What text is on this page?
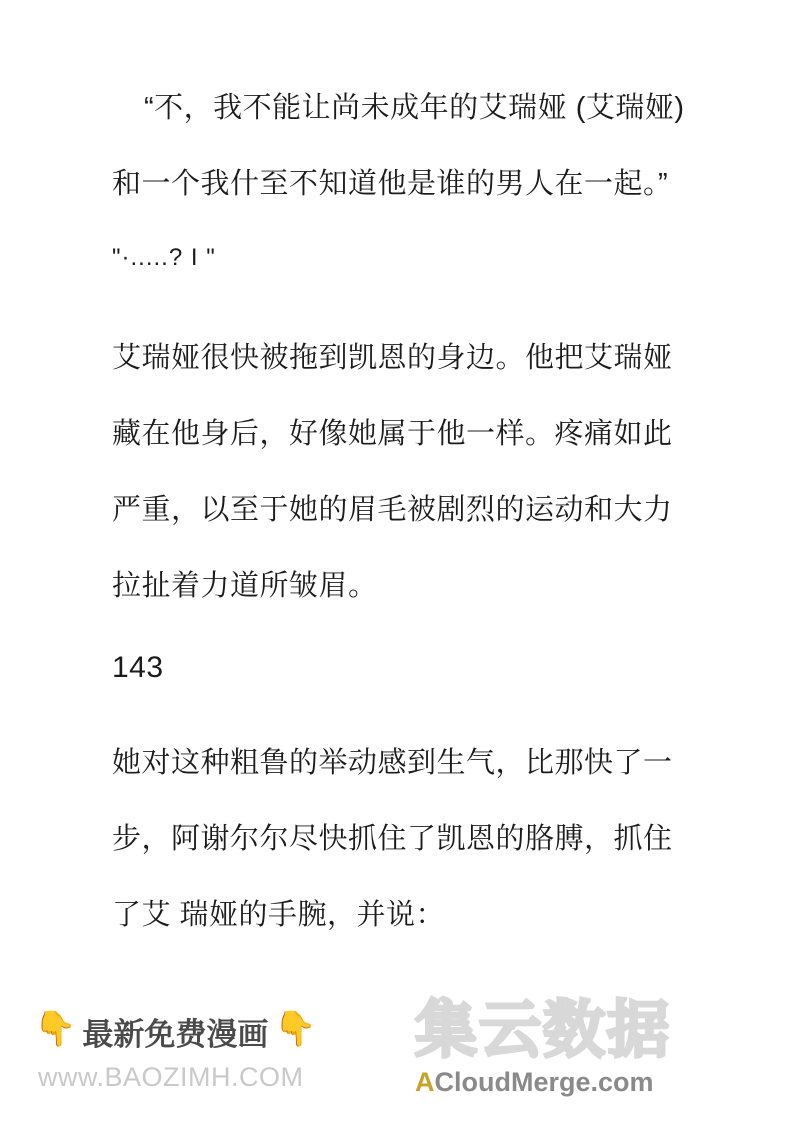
“不，我不能让尚未成年的艾瑞娅 (艾瑞娅)和一个我什至不知道他是谁的男人在一起。”

"·.....? I "

艾瑞娅很快被拖到凯恩的身边。他把艾瑞娅藏在他身后，好像她属于他一样。疼痛如此严重，以至于她的眉毛被剧烈的运动和大力拉扯着力道所皱眉。

143

她对这种粗鲁的举动感到生气，比那快了一步，阿谢尔尔尽快抓住了凯恩的胳膊，抓住了艾 瑞娅的手腕，并说：

👇 最新免费漫画 👇
www.BAOZIMH.COM
集云数据
ACloudMerge.com
